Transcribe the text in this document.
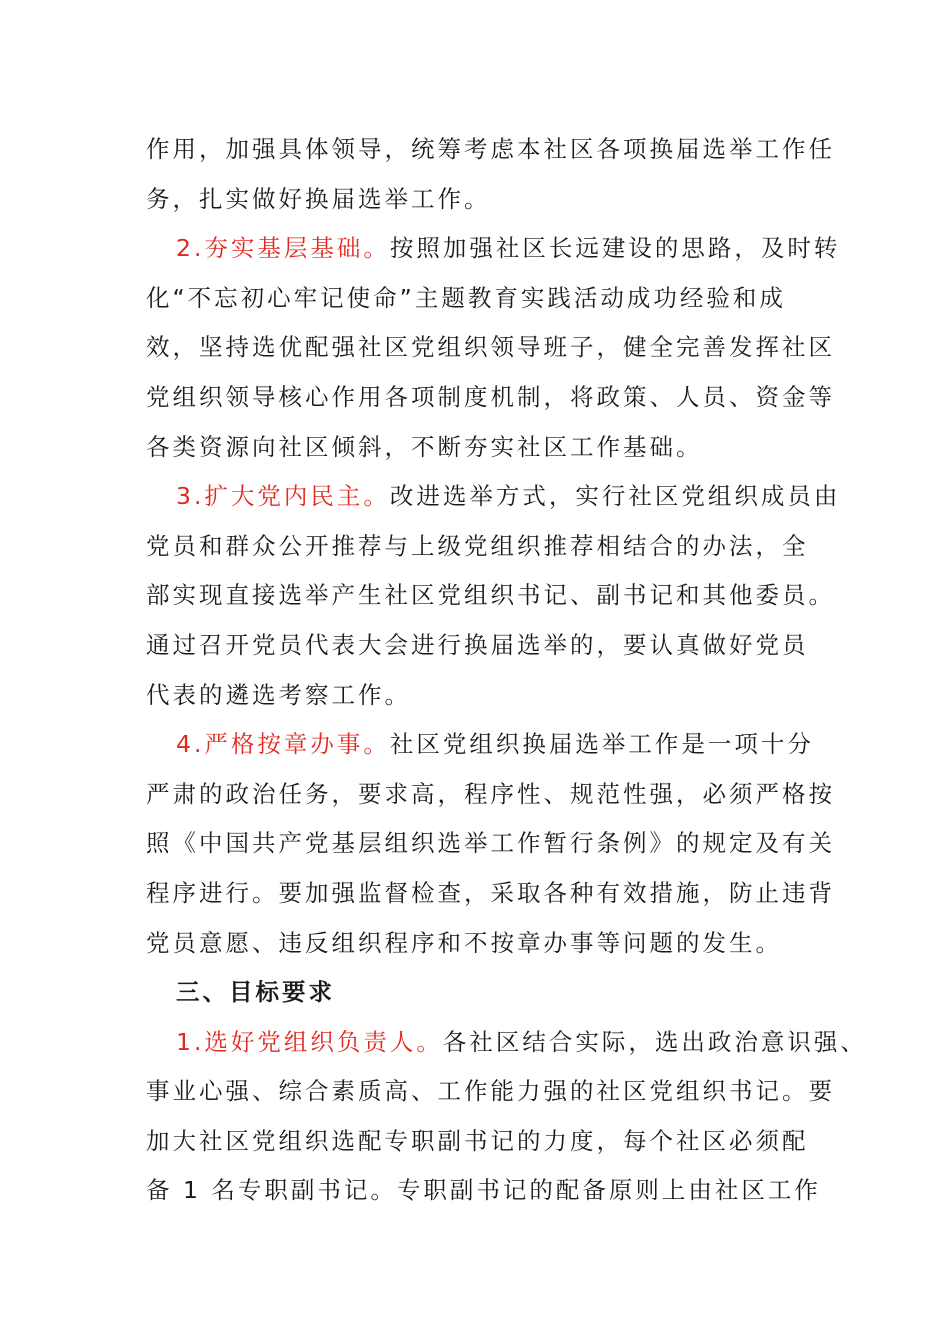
作用，加强具体领导，统筹考虑本社区各项换届选举工作任
务，扎实做好换届选举工作。
2.夯实基层基础。按照加强社区长远建设的思路，及时转
化“不忘初心牢记使命”主题教育实践活动成功经验和成
效，坚持选优配强社区党组织领导班子，健全完善发挥社区
党组织领导核心作用各项制度机制，将政策、人员、资金等
各类资源向社区倾斜，不断夯实社区工作基础。
3.扩大党内民主。改进选举方式，实行社区党组织成员由
党员和群众公开推荐与上级党组织推荐相结合的办法，全
部实现直接选举产生社区党组织书记、副书记和其他委员。
通过召开党员代表大会进行换届选举的，要认真做好党员
代表的遴选考察工作。
4.严格按章办事。社区党组织换届选举工作是一项十分
严肃的政治任务，要求高，程序性、规范性强，必须严格按
照《中国共产党基层组织选举工作暂行条例》的规定及有关
程序进行。要加强监督检查，采取各种有效措施，防止违背
党员意愿、违反组织程序和不按章办事等问题的发生。
三、目标要求
1.选好党组织负责人。各社区结合实际，选出政治意识强、
事业心强、综合素质高、工作能力强的社区党组织书记。要
加大社区党组织选配专职副书记的力度，每个社区必须配
备 1 名专职副书记。专职副书记的配备原则上由社区工作
